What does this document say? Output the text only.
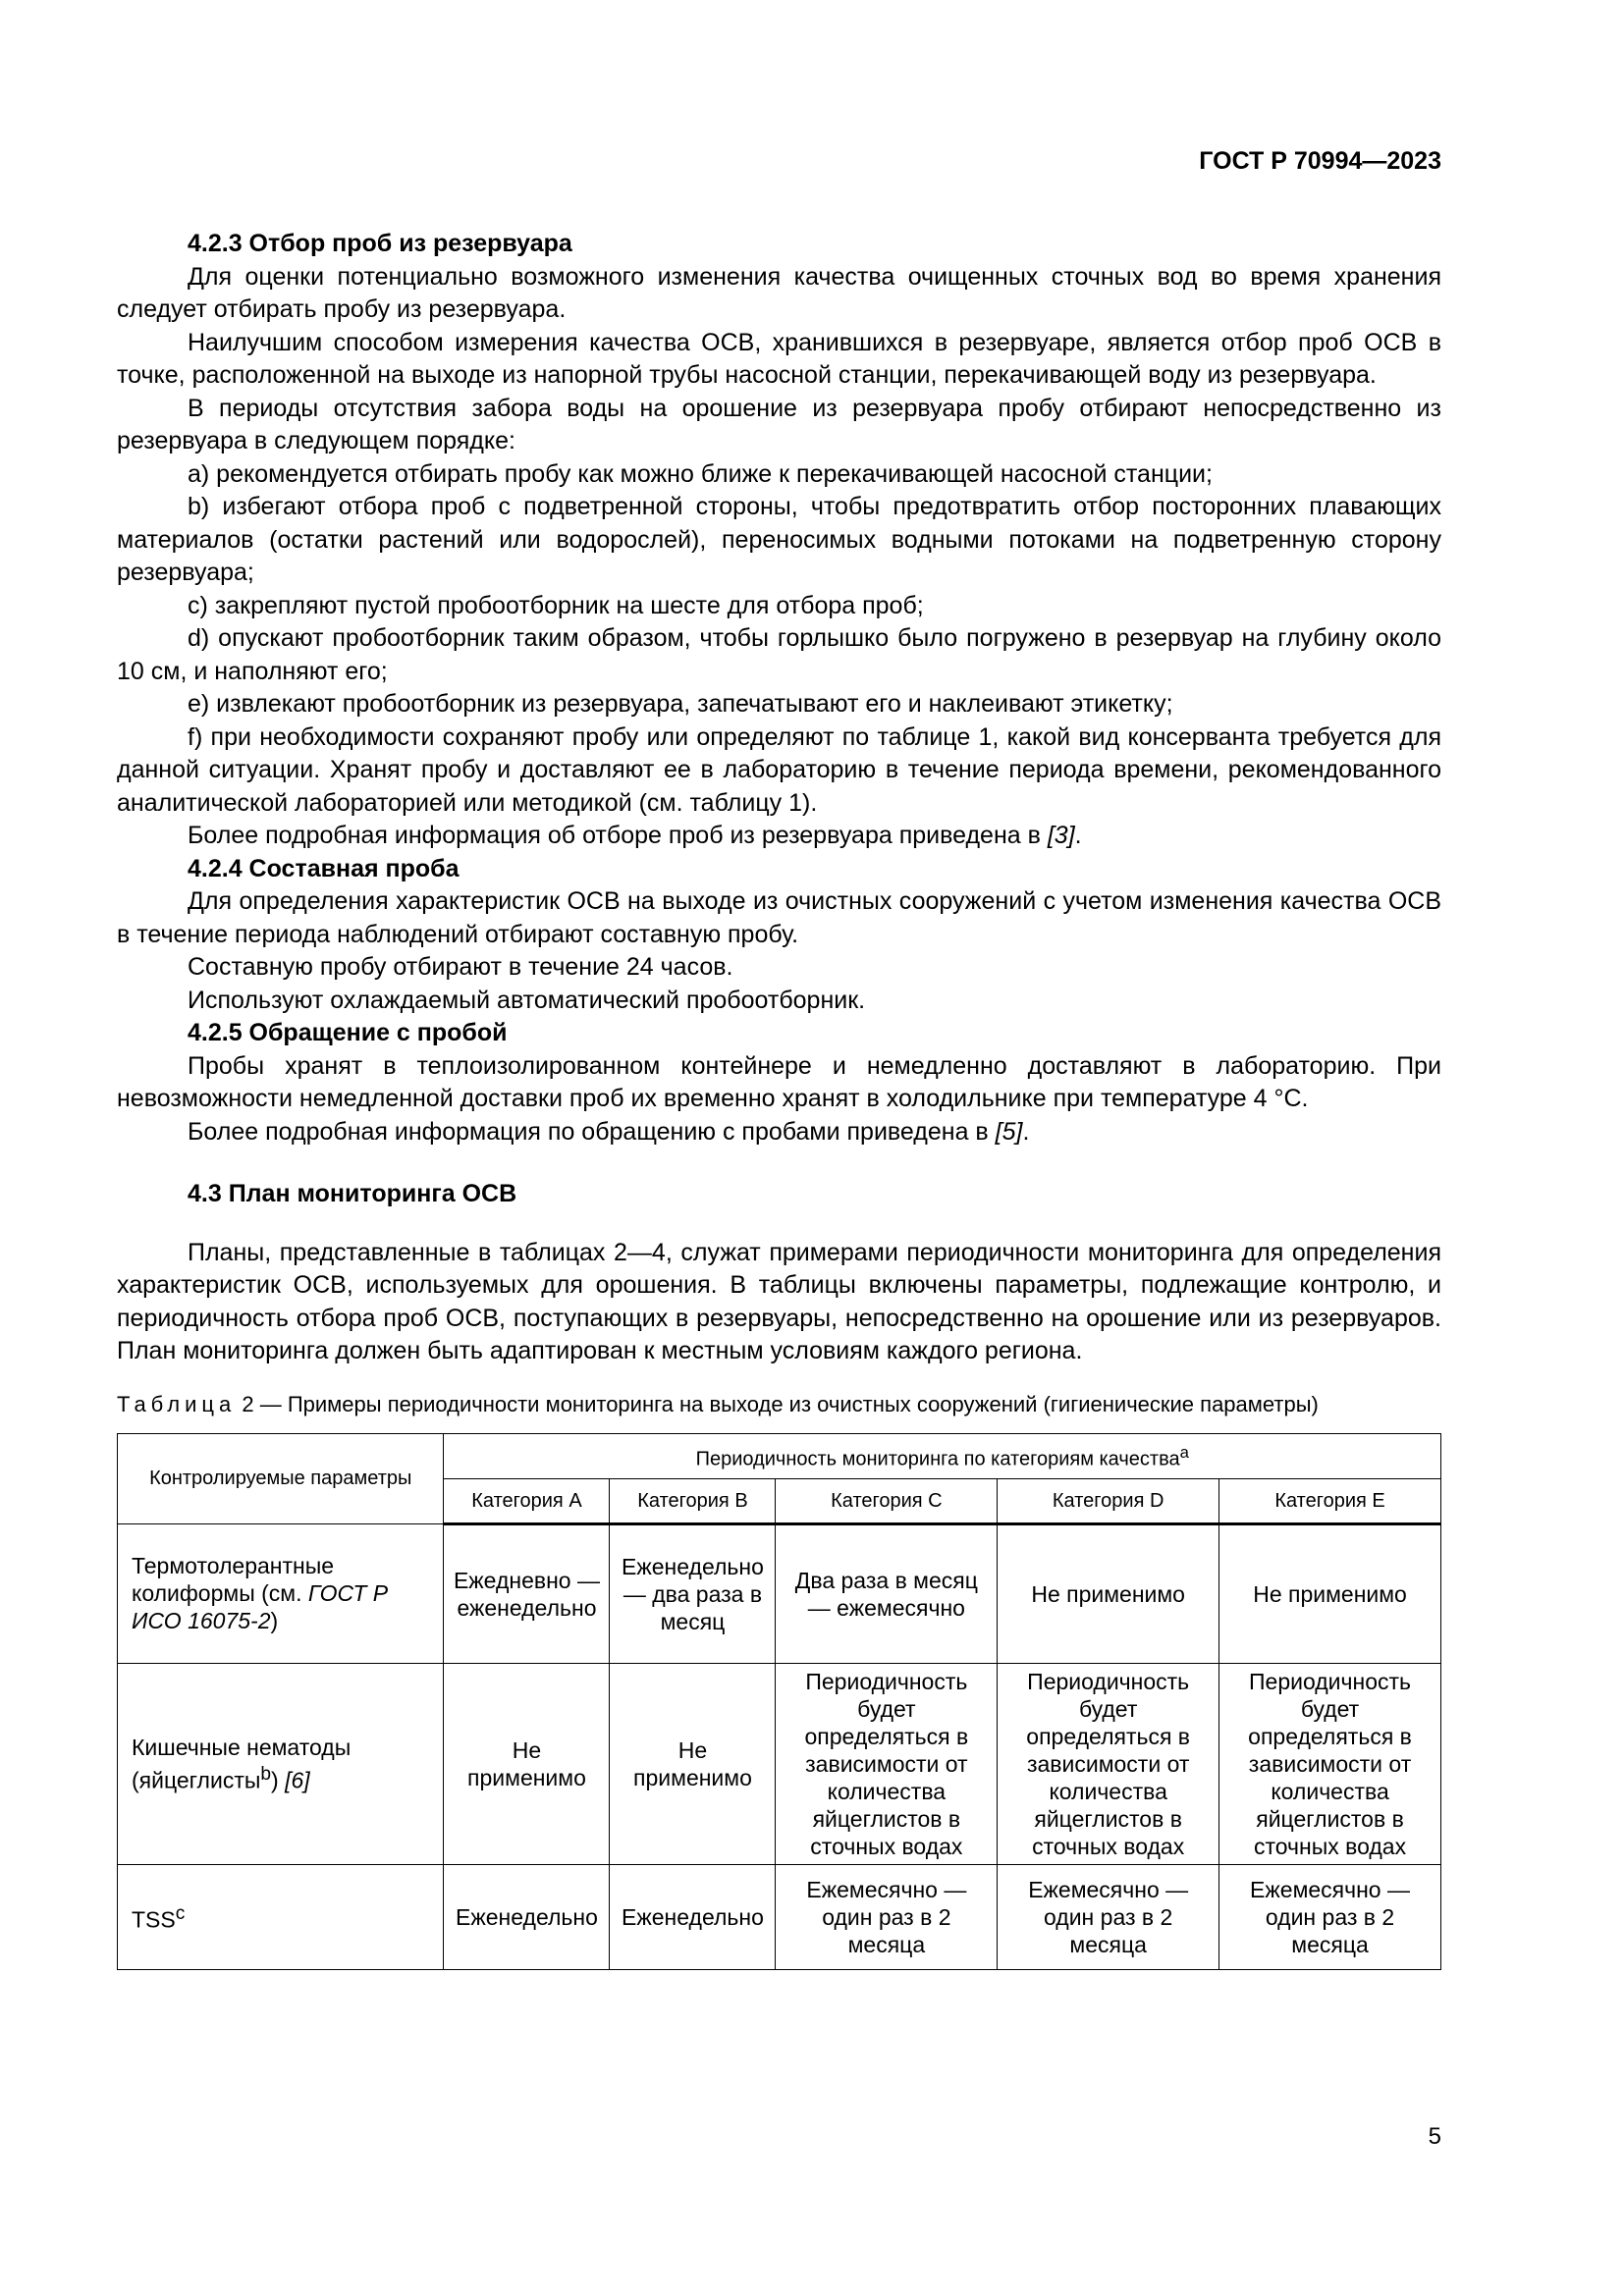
ГОСТ Р 70994—2023
4.2.3 Отбор проб из резервуара

Для оценки потенциально возможного изменения качества очищенных сточных вод во время хранения следует отбирать пробу из резервуара.

Наилучшим способом измерения качества ОСВ, хранившихся в резервуаре, является отбор проб ОСВ в точке, расположенной на выходе из напорной трубы насосной станции, перекачивающей воду из резервуара.

В периоды отсутствия забора воды на орошение из резервуара пробу отбирают непосредственно из резервуара в следующем порядке:

a) рекомендуется отбирать пробу как можно ближе к перекачивающей насосной станции;

b) избегают отбора проб с подветренной стороны, чтобы предотвратить отбор посторонних плавающих материалов (остатки растений или водорослей), переносимых водными потоками на подветренную сторону резервуара;

c) закрепляют пустой пробоотборник на шесте для отбора проб;

d) опускают пробоотборник таким образом, чтобы горлышко было погружено в резервуар на глубину около 10 см, и наполняют его;

e) извлекают пробоотборник из резервуара, запечатывают его и наклеивают этикетку;

f) при необходимости сохраняют пробу или определяют по таблице 1, какой вид консерванта требуется для данной ситуации. Хранят пробу и доставляют ее в лабораторию в течение периода времени, рекомендованного аналитической лабораторией или методикой (см. таблицу 1).

Более подробная информация об отборе проб из резервуара приведена в [3].

4.2.4 Составная проба

Для определения характеристик ОСВ на выходе из очистных сооружений с учетом изменения качества ОСВ в течение периода наблюдений отбирают составную пробу.

Составную пробу отбирают в течение 24 часов.

Используют охлаждаемый автоматический пробоотборник.

4.2.5 Обращение с пробой

Пробы хранят в теплоизолированном контейнере и немедленно доставляют в лабораторию. При невозможности немедленной доставки проб их временно хранят в холодильнике при температуре 4 °С.

Более подробная информация по обращению с пробами приведена в [5].

4.3 План мониторинга ОСВ

Планы, представленные в таблицах 2—4, служат примерами периодичности мониторинга для определения характеристик ОСВ, используемых для орошения. В таблицы включены параметры, подлежащие контролю, и периодичность отбора проб ОСВ, поступающих в резервуары, непосредственно на орошение или из резервуаров. План мониторинга должен быть адаптирован к местным условиям каждого региона.

Таблица 2 — Примеры периодичности мониторинга на выходе из очистных сооружений (гигиенические параметры)
Контролируемые параметры	Периодичность мониторинга по категориям качества$^a$
	Категория А	Категория В	Категория С	Категория D	Категория Е
Термотолерантные колиформы (см. ГОСТ Р ИСО 16075-2)	Ежедневно — еженедельно	Еженедельно — два раза в месяц	Два раза в месяц — ежемесячно	Не применимо	Не применимо
Кишечные нематоды (яйцеглисты$^b$) [6]	Не применимо	Не применимо	Периодичность будет определяться в зависимости от количества яйцеглистов в сточных водах	Периодичность будет определяться в зависимости от количества яйцеглистов в сточных водах	Периодичность будет определяться в зависимости от количества яйцеглистов в сточных водах
TSS$^c$	Еженедельно	Еженедельно	Ежемесячно — один раз в 2 месяца	Ежемесячно — один раз в 2 месяца	Ежемесячно — один раз в 2 месяца
5
